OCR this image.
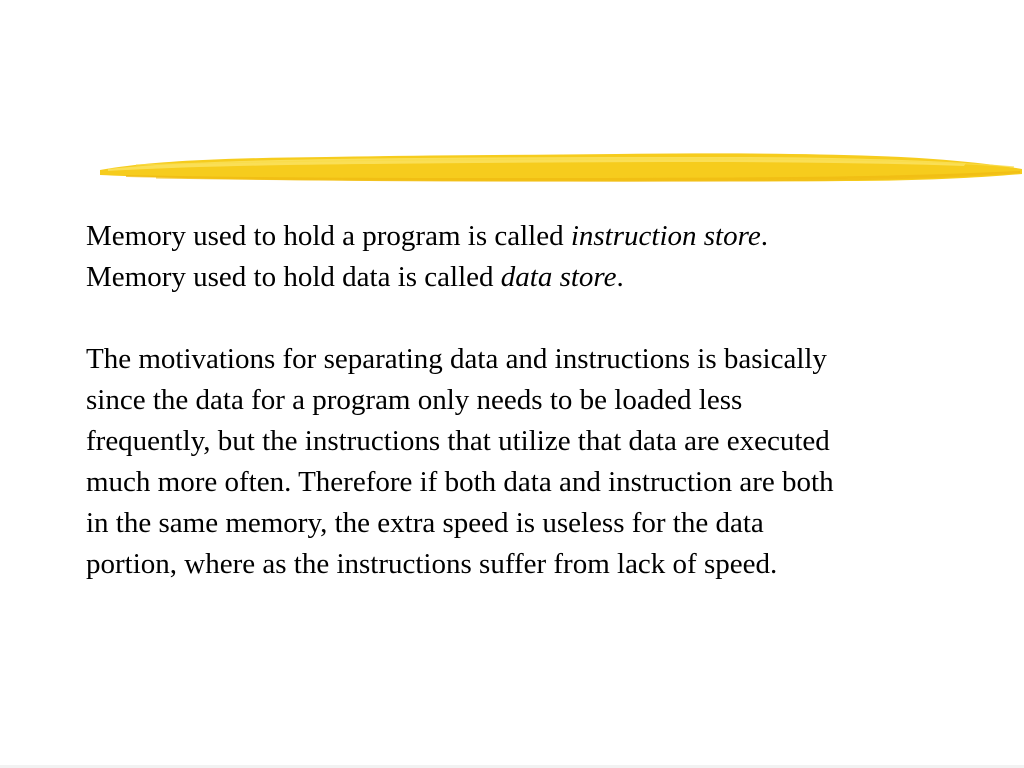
Memory used to hold a program is called instruction store.

Memory used to hold data is called data store.

The motivations for separating data and instructions is basically

since the data for a program only needs to be loaded less

frequently, but the instructions that utilize that data are executed

much more often. Therefore if both data and instruction are both

in the same memory, the extra speed is useless for the data

portion, where as the instructions suffer from lack of speed.
